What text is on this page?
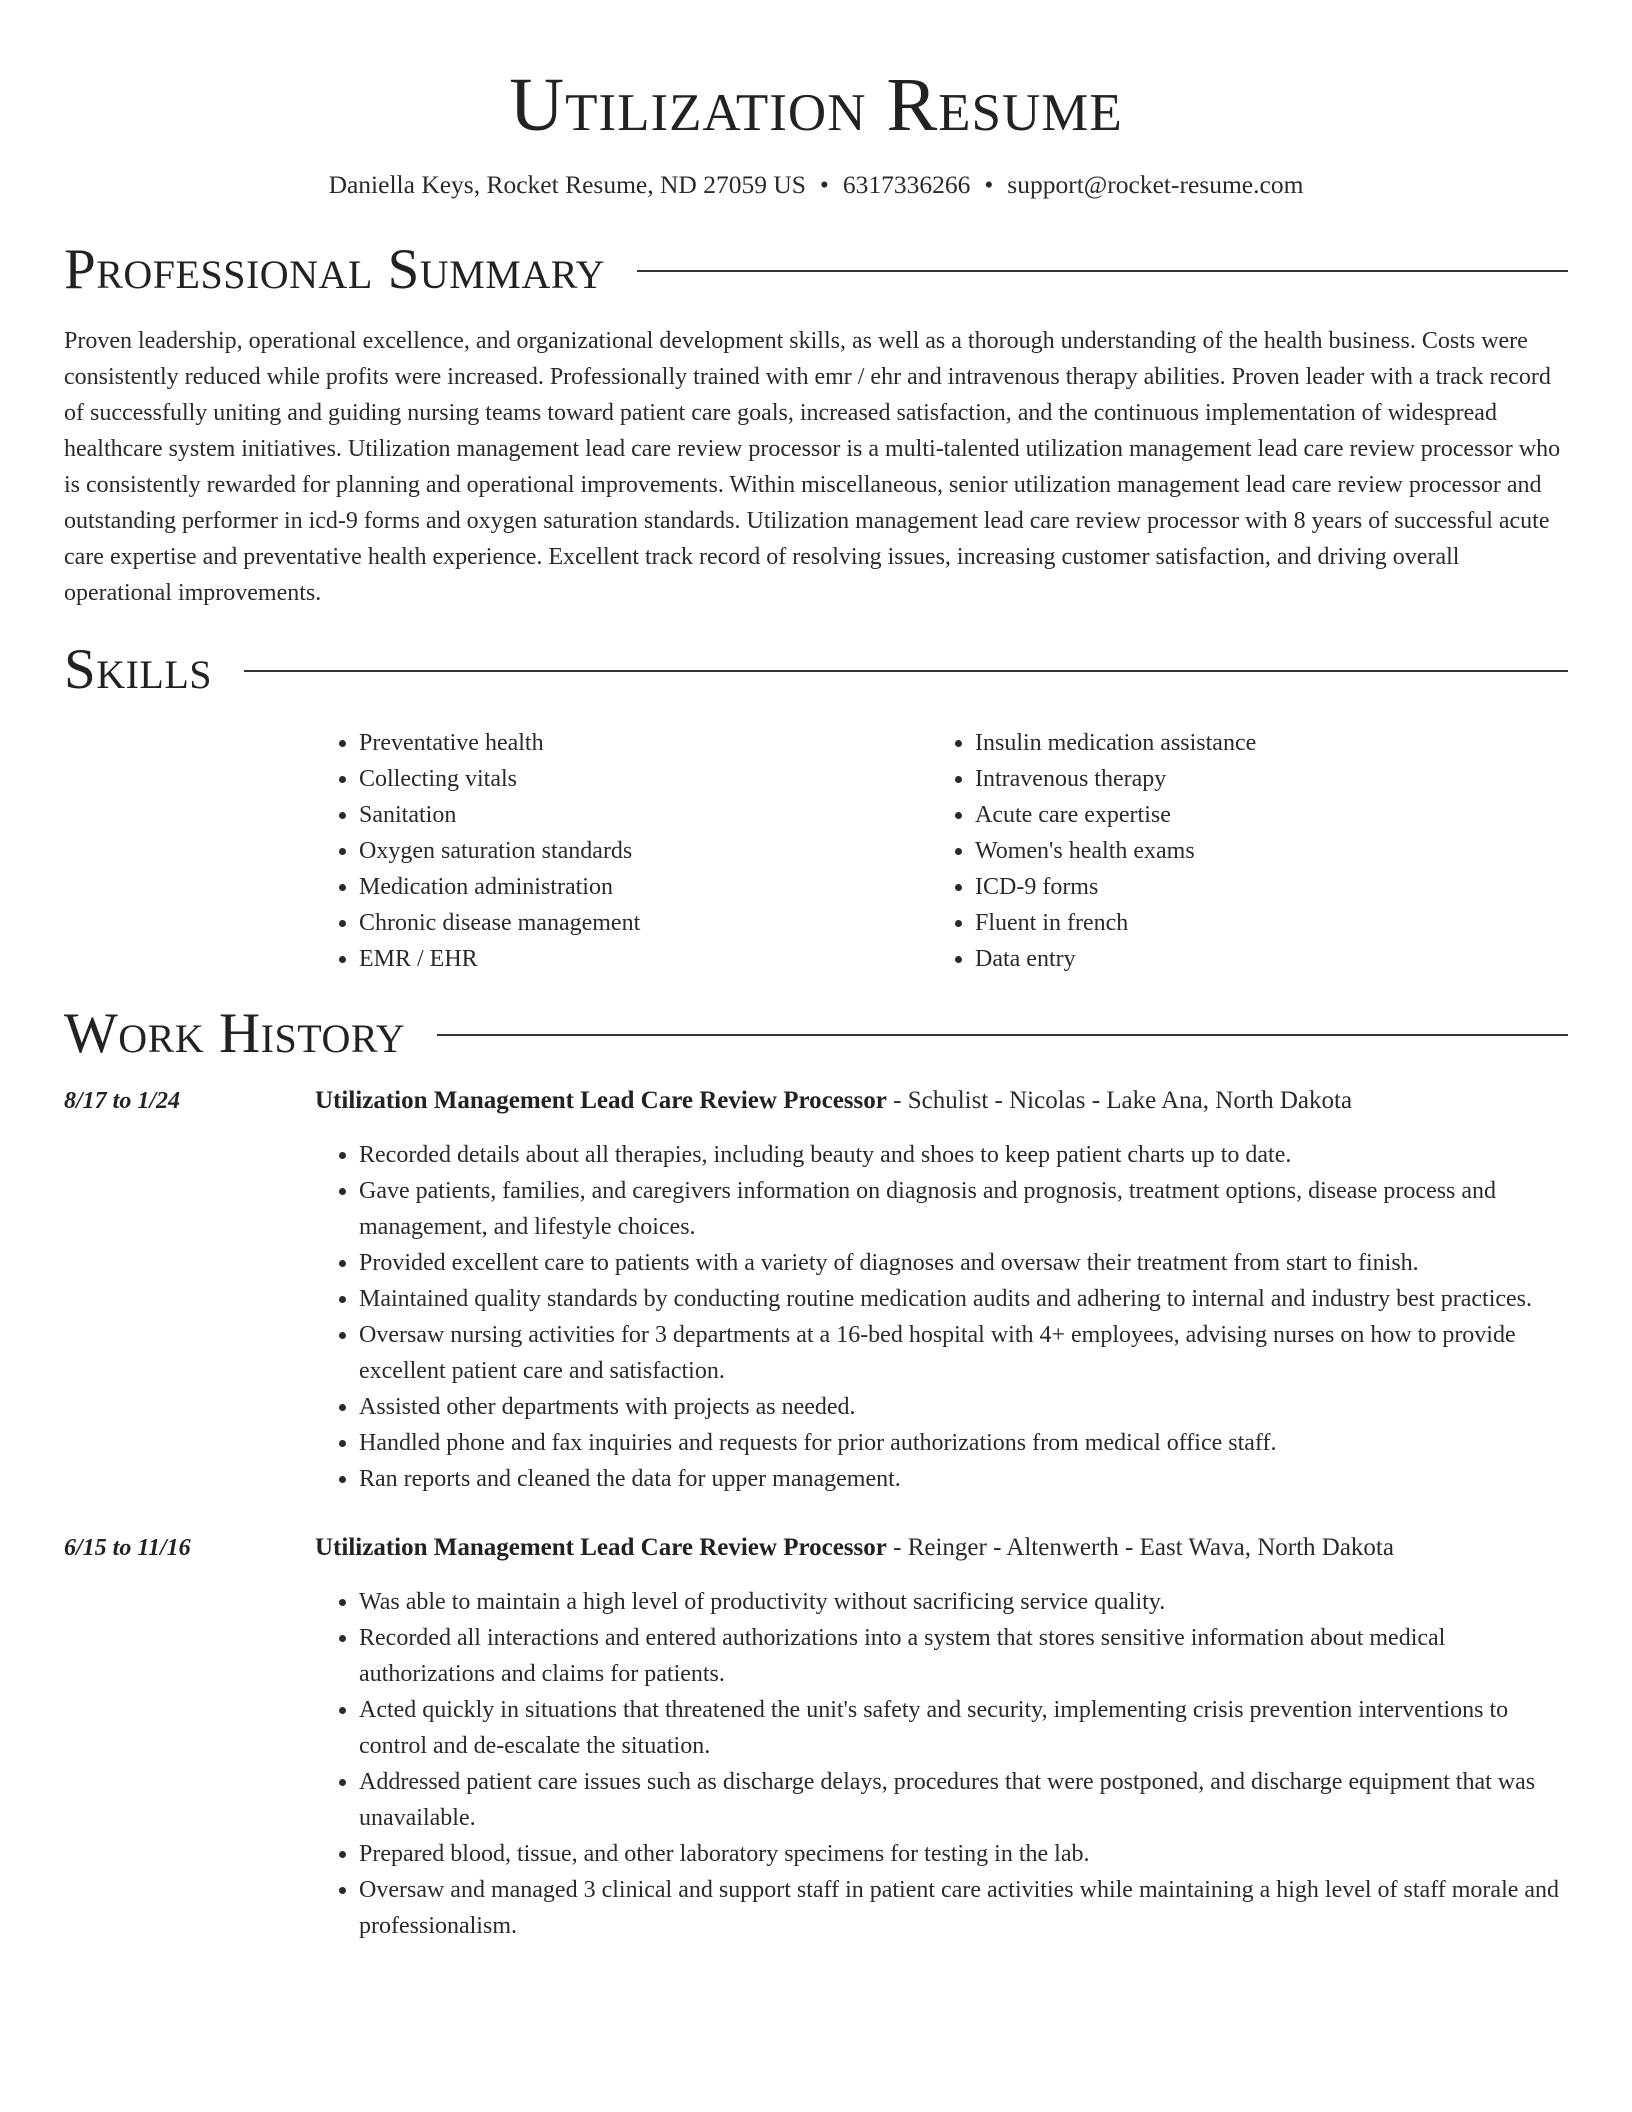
Utilization Resume
Daniella Keys, Rocket Resume, ND 27059 US • 6317336266 • support@rocket-resume.com
Professional Summary

Proven leadership, operational excellence, and organizational development skills, as well as a thorough understanding of the health business. Costs were consistently reduced while profits were increased. Professionally trained with emr / ehr and intravenous therapy abilities. Proven leader with a track record of successfully uniting and guiding nursing teams toward patient care goals, increased satisfaction, and the continuous implementation of widespread healthcare system initiatives. Utilization management lead care review processor is a multi-talented utilization management lead care review processor who is consistently rewarded for planning and operational improvements. Within miscellaneous, senior utilization management lead care review processor and outstanding performer in icd-9 forms and oxygen saturation standards. Utilization management lead care review processor with 8 years of successful acute care expertise and preventative health experience. Excellent track record of resolving issues, increasing customer satisfaction, and driving overall operational improvements.

Skills
• Preventative health
• Collecting vitals
• Sanitation
• Oxygen saturation standards
• Medication administration
• Chronic disease management
• EMR / EHR
• Insulin medication assistance
• Intravenous therapy
• Acute care expertise
• Women's health exams
• ICD-9 forms
• Fluent in french
• Data entry
Work History
8/17 to 1/24	Utilization Management Lead Care Review Processor - Schulist - Nicolas - Lake Ana, North Dakota
• Recorded details about all therapies, including beauty and shoes to keep patient charts up to date.
• Gave patients, families, and caregivers information on diagnosis and prognosis, treatment options, disease process and management, and lifestyle choices.
• Provided excellent care to patients with a variety of diagnoses and oversaw their treatment from start to finish.
• Maintained quality standards by conducting routine medication audits and adhering to internal and industry best practices.
• Oversaw nursing activities for 3 departments at a 16-bed hospital with 4+ employees, advising nurses on how to provide excellent patient care and satisfaction.
• Assisted other departments with projects as needed.
• Handled phone and fax inquiries and requests for prior authorizations from medical office staff.
• Ran reports and cleaned the data for upper management.
6/15 to 11/16	Utilization Management Lead Care Review Processor - Reinger - Altenwerth - East Wava, North Dakota
• Was able to maintain a high level of productivity without sacrificing service quality.
• Recorded all interactions and entered authorizations into a system that stores sensitive information about medical authorizations and claims for patients.
• Acted quickly in situations that threatened the unit's safety and security, implementing crisis prevention interventions to control and de-escalate the situation.
• Addressed patient care issues such as discharge delays, procedures that were postponed, and discharge equipment that was unavailable.
• Prepared blood, tissue, and other laboratory specimens for testing in the lab.
• Oversaw and managed 3 clinical and support staff in patient care activities while maintaining a high level of staff morale and professionalism.
